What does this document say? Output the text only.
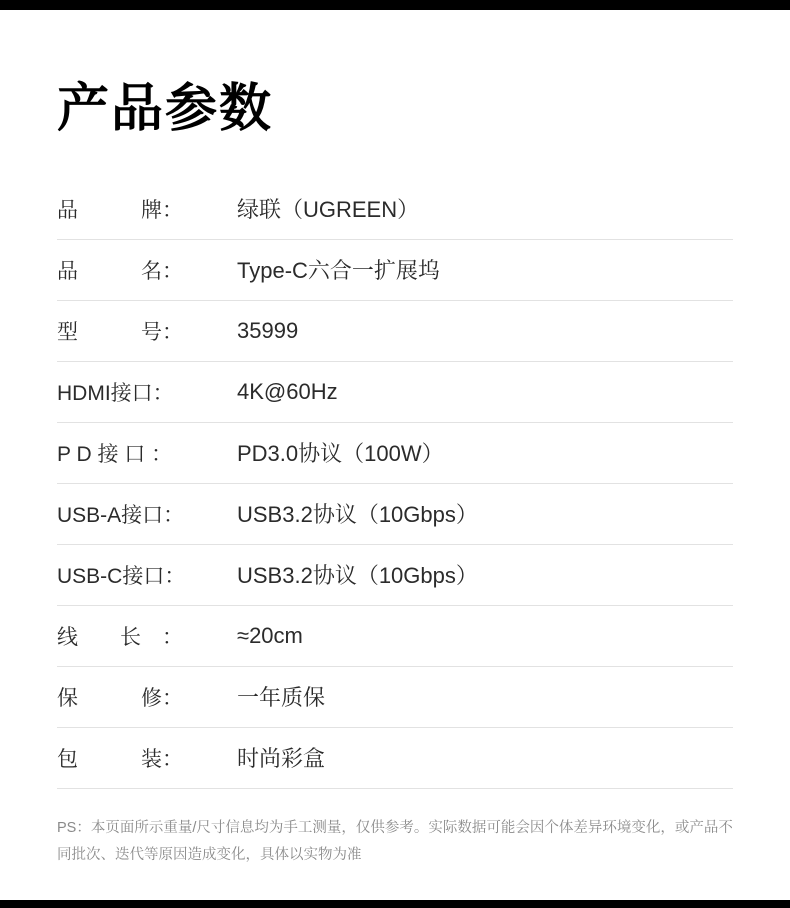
产品参数
品　　　牌：	绿联（UGREEN）
品　　　名：	Type-C六合一扩展坞
型　　　号：	35999
HDMI接口：	4K@60Hz
P D 接 口 ：	PD3.0协议（100W）
USB-A接口：	USB3.2协议（10Gbps）
USB-C接口：	USB3.2协议（10Gbps）
线　　长　：	≈20cm
保　　　修：	一年质保
包　　　装：	时尚彩盒
PS：本页面所示重量/尺寸信息均为手工测量，仅供参考。实际数据可能会因个体差异环境变化，或产品不同批次、迭代等原因造成变化，具体以实物为准
